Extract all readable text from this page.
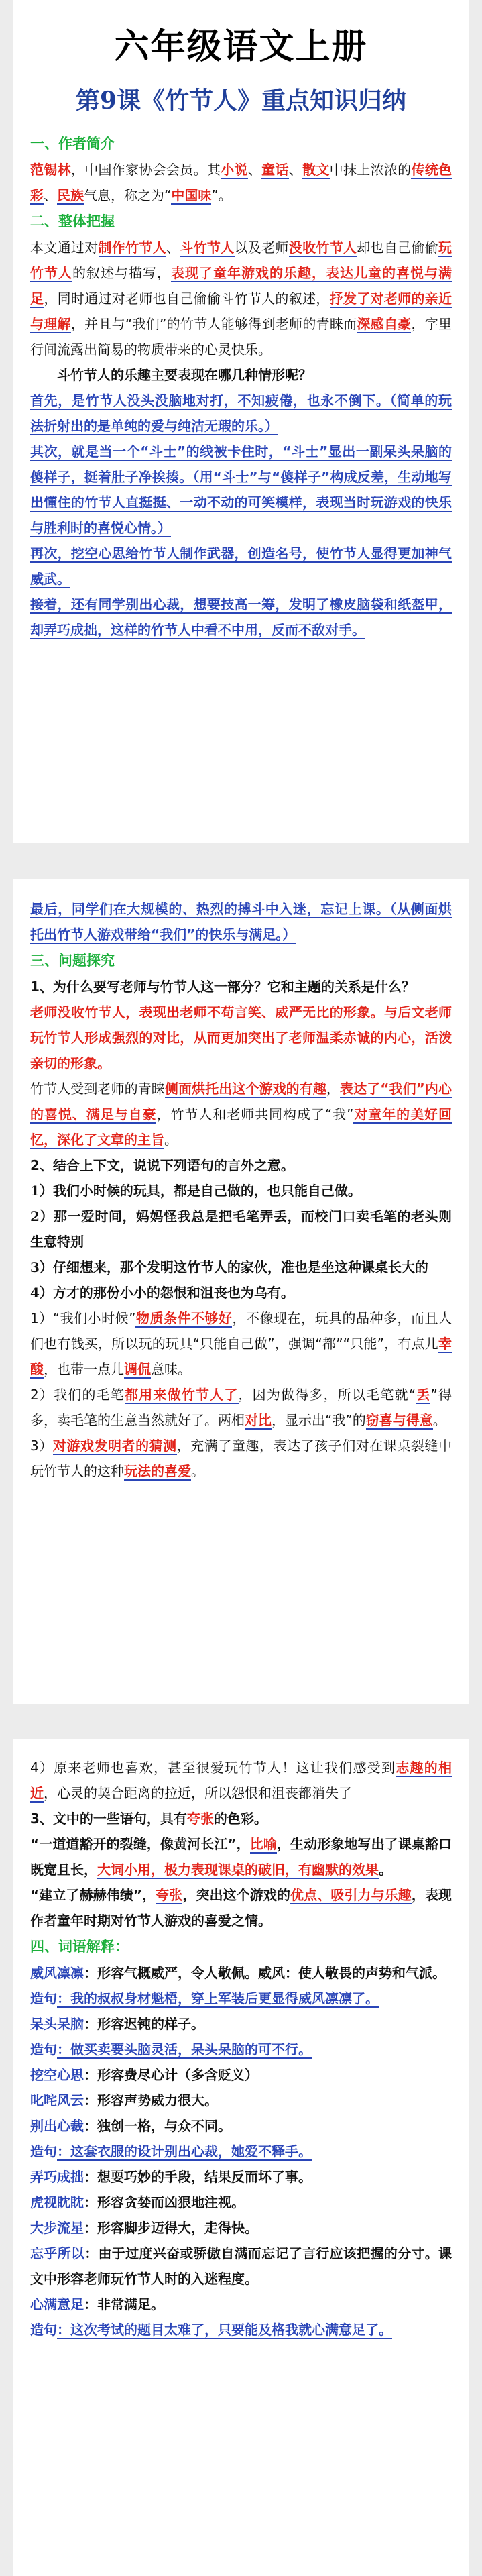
六年级语文上册
第9课《竹节人》重点知识归纳

一、作者简介

范锡林，中国作家协会会员。其小说、童话、散文中抹上浓浓的传统色彩、民族气息，称之为“中国味”。

二、整体把握

本文通过对制作竹节人、斗竹节人以及老师没收竹节人却也自己偷偷玩竹节人的叙述与描写，表现了童年游戏的乐趣，表达儿童的喜悦与满足，同时通过对老师也自己偷偷斗竹节人的叙述，抒发了对老师的亲近与理解，并且与“我们”的竹节人能够得到老师的青睐而深感自豪，字里行间流露出简易的物质带来的心灵快乐。

斗竹节人的乐趣主要表现在哪几种情形呢？

首先，是竹节人没头没脑地对打，不知疲倦，也永不倒下。（简单的玩法折射出的是单纯的爱与纯洁无瑕的乐。）

其次，就是当一个“斗士”的线被卡住时，“斗士”显出一副呆头呆脑的傻样子，挺着肚子净挨揍。（用“斗士”与“傻样子”构成反差，生动地写出懂住的竹节人直挺挺、一动不动的可笑模样，表现当时玩游戏的快乐与胜利时的喜悦心情。）

再次，挖空心思给竹节人制作武器，创造名号，使竹节人显得更加神气威武。

接着，还有同学别出心裁，想要技高一筹，发明了橡皮脑袋和纸盔甲，却弄巧成拙，这样的竹节人中看不中用，反而不敌对手。

最后，同学们在大规模的、热烈的搏斗中入迷，忘记上课。（从侧面烘托出竹节人游戏带给“我们”的快乐与满足。）

三、问题探究

1、为什么要写老师与竹节人这一部分？它和主题的关系是什么？

老师没收竹节人，表现出老师不苟言笑、威严无比的形象。与后文老师玩竹节人形成强烈的对比，从而更加突出了老师温柔赤诚的内心，活泼亲切的形象。

竹节人受到老师的青睐侧面烘托出这个游戏的有趣，表达了“我们”内心的喜悦、满足与自豪，竹节人和老师共同构成了“我”对童年的美好回忆，深化了文章的主旨。

2、结合上下文，说说下列语句的言外之意。

1）我们小时候的玩具，都是自己做的，也只能自己做。

2）那一爱时间，妈妈怪我总是把毛笔弄丢，而校门口卖毛笔的老头则生意特别

3）仔细想来，那个发明这竹节人的家伙，准也是坐这种课桌长大的

4）方才的那份小小的怨恨和沮丧也为乌有。

1）“我们小时候”物质条件不够好，不像现在，玩具的品种多，而且人们也有钱买，所以玩的玩具“只能自己做”，强调“都”“只能”，有点儿幸酸，也带一点儿调侃意味。

2）我们的毛笔都用来做竹节人了，因为做得多，所以毛笔就“丢”得多，卖毛笔的生意当然就好了。两相对比，显示出“我”的窃喜与得意。

3）对游戏发明者的猜测，充满了童趣，表达了孩子们对在课桌裂缝中玩竹节人的这种玩法的喜爱。

4）原来老师也喜欢，甚至很爱玩竹节人！这让我们感受到志趣的相近，心灵的契合距离的拉近，所以怨恨和沮丧都消失了

3、文中的一些语句，具有夸张的色彩。

“一道道豁开的裂缝，像黄河长江”，比喻，生动形象地写出了课桌豁口既宽且长，大词小用，极力表现课桌的破旧，有幽默的效果。

“建立了赫赫伟绩”，夸张，突出这个游戏的优点、吸引力与乐趣，表现作者童年时期对竹节人游戏的喜爱之情。

四、词语解释：

威风凛凛：形容气概威严，令人敬佩。威风：使人敬畏的声势和气派。

造句：我的叔叔身材魁梧，穿上军装后更显得威风凛凛了。

呆头呆脑：形容迟钝的样子。

造句：做买卖要头脑灵活，呆头呆脑的可不行。

挖空心思：形容费尽心计（多含贬义）

叱咤风云：形容声势威力很大。

别出心裁：独创一格，与众不同。

造句：这套衣服的设计别出心裁，她爱不释手。

弄巧成拙：想耍巧妙的手段，结果反而坏了事。

虎视眈眈：形容贪婪而凶狠地注视。

大步流星：形容脚步迈得大，走得快。

忘乎所以：由于过度兴奋或骄傲自满而忘记了言行应该把握的分寸。课文中形容老师玩竹节人时的入迷程度。

心满意足：非常满足。

造句：这次考试的题目太难了，只要能及格我就心满意足了。
